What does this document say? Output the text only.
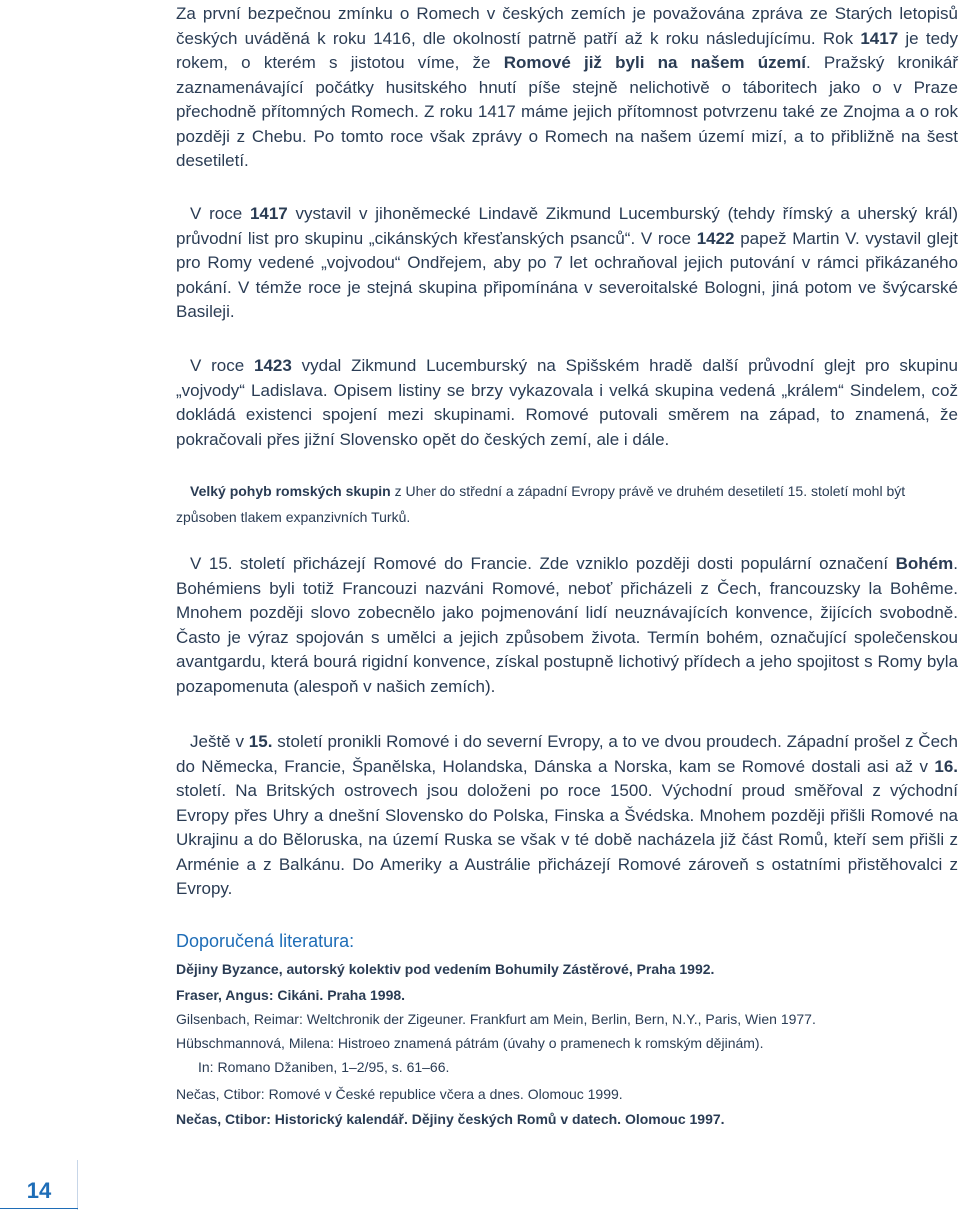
Za první bezpečnou zmínku o Romech v českých zemích je považována zpráva ze Starých letopisů českých uváděná k roku 1416, dle okolností patrně patří až k roku následujícímu. Rok 1417 je tedy rokem, o kterém s jistotou víme, že Romové již byli na našem území. Pražský kronikář zaznamenávající počátky husitského hnutí píše stejně nelichotivě o táboritech jako o v Praze přechodně přítomných Romech. Z roku 1417 máme jejich přítomnost potvrzenu také ze Znojma a o rok později z Chebu. Po tomto roce však zprávy o Romech na našem území mizí, a to přibližně na šest desetiletí.

V roce 1417 vystavil v jihoněmecké Lindavě Zikmund Lucemburský (tehdy římský a uherský král) průvodní list pro skupinu „cikánských křesťanských psanců“. V roce 1422 papež Martin V. vystavil glejt pro Romy vedené „vojvodou“ Ondřejem, aby po 7 let ochraňoval jejich putování v rámci přikázaného pokání. V témže roce je stejná skupina připomínána v severoitalské Bologni, jiná potom ve švýcarské Basileji.

V roce 1423 vydal Zikmund Lucemburský na Spišském hradě další průvodní glejt pro skupinu „vojvody“ Ladislava. Opisem listiny se brzy vykazovala i velká skupina vedená „králem“ Sindelem, což dokládá existenci spojení mezi skupinami. Romové putovali směrem na západ, to znamená, že pokračovali přes jižní Slovensko opět do českých zemí, ale i dále.

Velký pohyb romských skupin z Uher do střední a západní Evropy právě ve druhém desetiletí 15. století mohl být způsoben tlakem expanzivních Turků.

V 15. století přicházejí Romové do Francie. Zde vzniklo později dosti populární označení Bohém. Bohémiens byli totiž Francouzi nazváni Romové, neboť přicházeli z Čech, francouzsky la Bohême. Mnohem později slovo zobecnělo jako pojmenování lidí neuznávajících konvence, žijících svobodně. Často je výraz spojován s umělci a jejich způsobem života. Termín bohém, označující společenskou avantgardu, která bourá rigidní konvence, získal postupně lichotivý přídech a jeho spojitost s Romy byla pozapomenuta (alespoň v našich zemích).

Ještě v 15. století pronikli Romové i do severní Evropy, a to ve dvou proudech. Západní prošel z Čech do Německa, Francie, Španělska, Holandska, Dánska a Norska, kam se Romové dostali asi až v 16. století. Na Britských ostrovech jsou doloženi po roce 1500. Východní proud směřoval z východní Evropy přes Uhry a dnešní Slovensko do Polska, Finska a Švédska. Mnohem později přišli Romové na Ukrajinu a do Běloruska, na území Ruska se však v té době nacházela již část Romů, kteří sem přišli z Arménie a z Balkánu. Do Ameriky a Austrálie přicházejí Romové zároveň s ostatními přistěhovalci z Evropy.

Doporučená literatura:
Dějiny Byzance, autorský kolektiv pod vedením Bohumily Zástěrové, Praha 1992.
Fraser, Angus: Cikáni. Praha 1998.
Gilsenbach, Reimar: Weltchronik der Zigeuner. Frankfurt am Mein, Berlin, Bern, N.Y., Paris, Wien 1977.
Hübschmannová, Milena: Histroeo znamená pátrám (úvahy o pramenech k romským dějinám).
In: Romano Džaniben, 1–2/95, s. 61–66.
Nečas, Ctibor: Romové v České republice včera a dnes. Olomouc 1999.
Nečas, Ctibor: Historický kalendář. Dějiny českých Romů v datech. Olomouc 1997.
14
